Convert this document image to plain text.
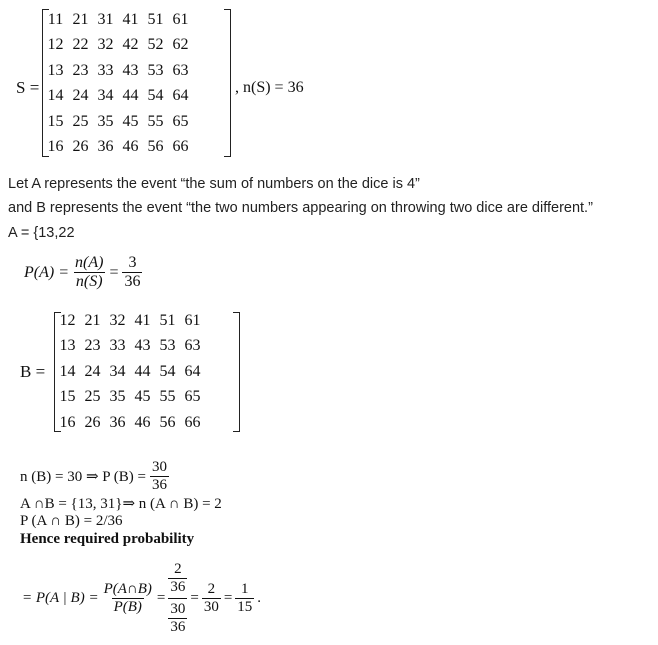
S =
11 21 31 41 51 61
12 22 32 42 52 62
13 23 33 43 53 63
14 24 34 44 54 64
15 25 35 45 55 65
16 26 36 46 56 66
, n(S) = 36
Let A represents the event “the sum of numbers on the dice is 4”
and B represents the event “the two numbers appearing on throwing two dice are different.”
A = {13,22
$P(A) = \frac{n(A)}{n(S)} = \frac{3}{36}$
B =
12 21 32 41 51 61
13 23 33 43 53 63
14 24 34 44 54 64
15 25 35 45 55 65
16 26 36 46 56 66
n (B) = 30 ⇒ P $(B) = \frac{30}{36}$
A ∩B = {13, 31}⇒ n (A ∩ B) = 2
P (A ∩ B) = 2/36
Hence required probability
= P(A | $B) = \frac{P(A\cap B)}{P(B)} = \frac{\frac{2}{36}}{\frac{30}{36}} = \frac{2}{30} = \frac{1}{15}$ .
